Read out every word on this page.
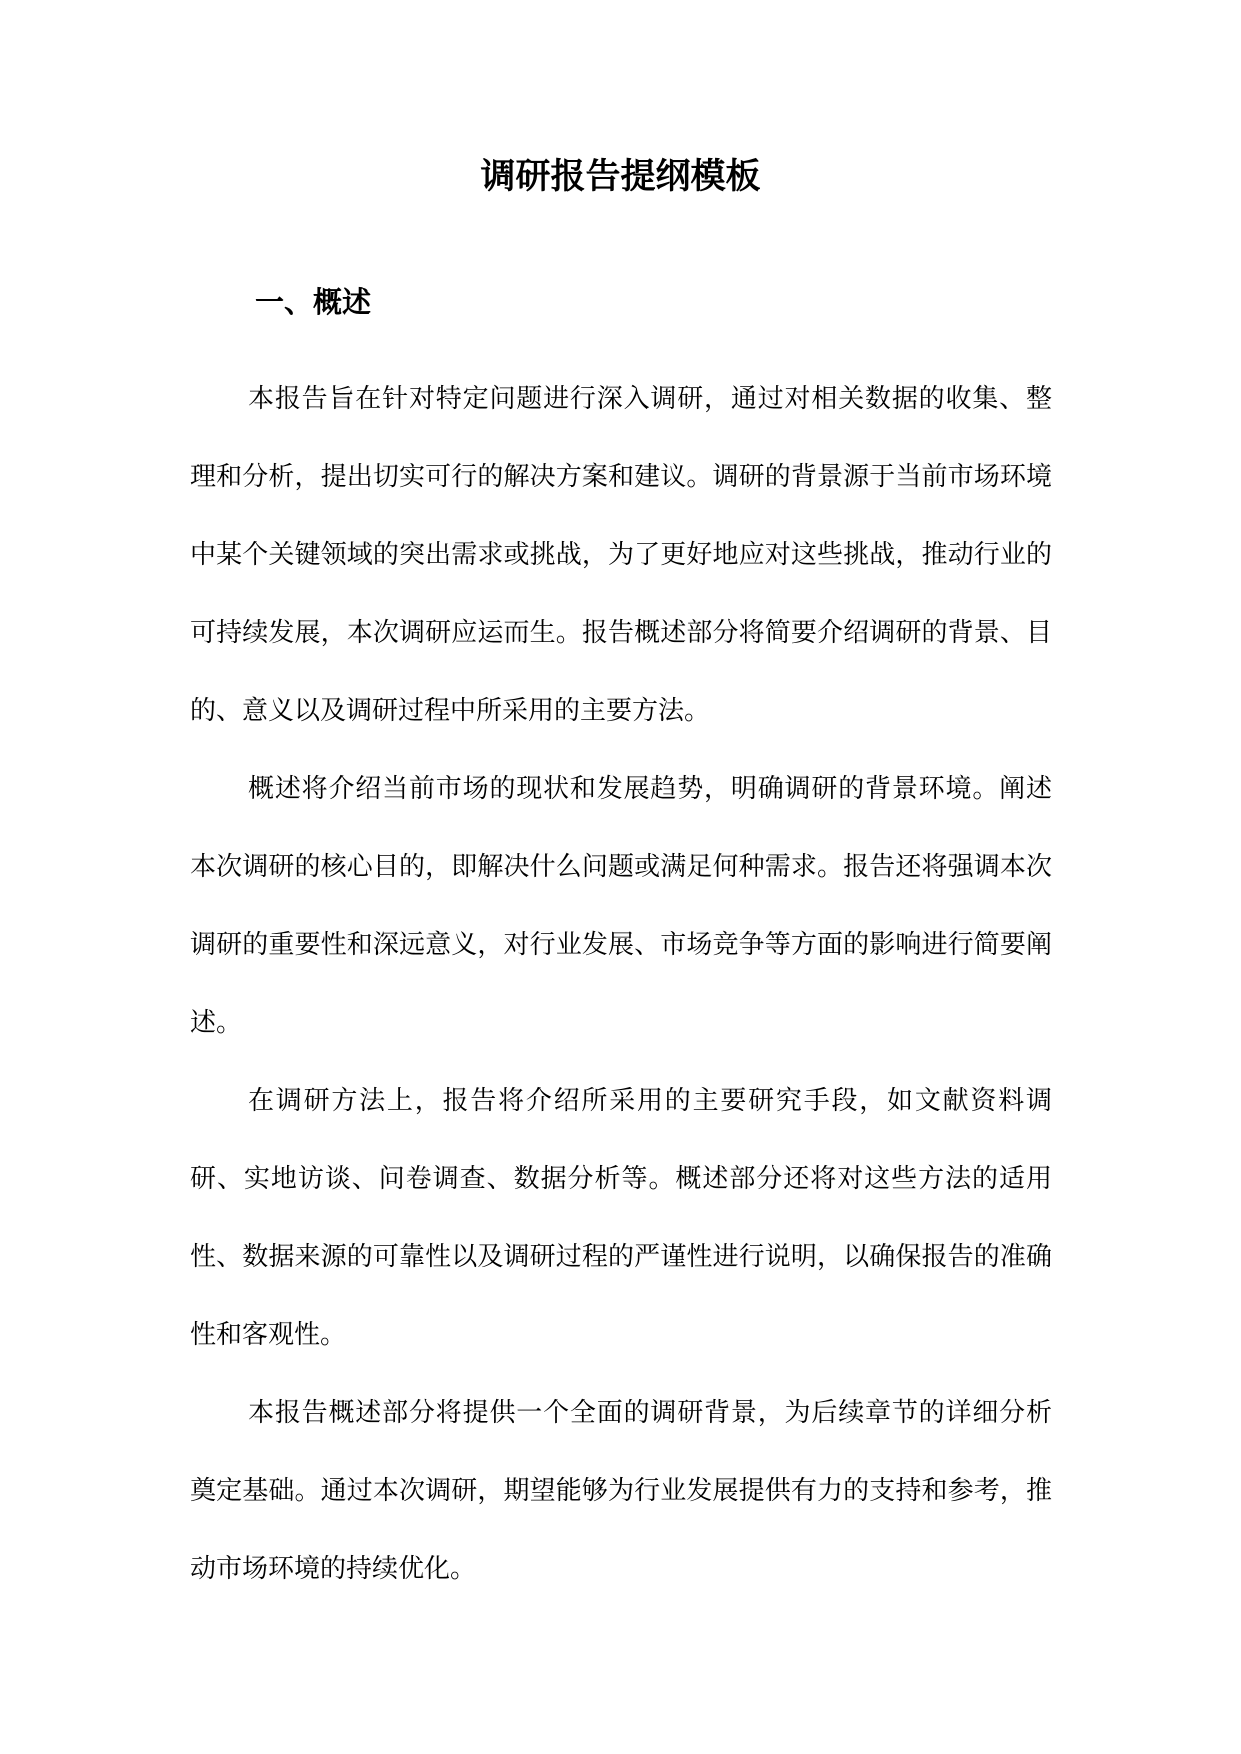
调研报告提纲模板
一、概述

本报告旨在针对特定问题进行深入调研，通过对相关数据的收集、整理和分析，提出切实可行的解决方案和建议。调研的背景源于当前市场环境中某个关键领域的突出需求或挑战，为了更好地应对这些挑战，推动行业的可持续发展，本次调研应运而生。报告概述部分将简要介绍调研的背景、目的、意义以及调研过程中所采用的主要方法。

概述将介绍当前市场的现状和发展趋势，明确调研的背景环境。阐述本次调研的核心目的，即解决什么问题或满足何种需求。报告还将强调本次调研的重要性和深远意义，对行业发展、市场竞争等方面的影响进行简要阐述。

在调研方法上，报告将介绍所采用的主要研究手段，如文献资料调研、实地访谈、问卷调查、数据分析等。概述部分还将对这些方法的适用性、数据来源的可靠性以及调研过程的严谨性进行说明，以确保报告的准确性和客观性。

本报告概述部分将提供一个全面的调研背景，为后续章节的详细分析奠定基础。通过本次调研，期望能够为行业发展提供有力的支持和参考，推动市场环境的持续优化。
